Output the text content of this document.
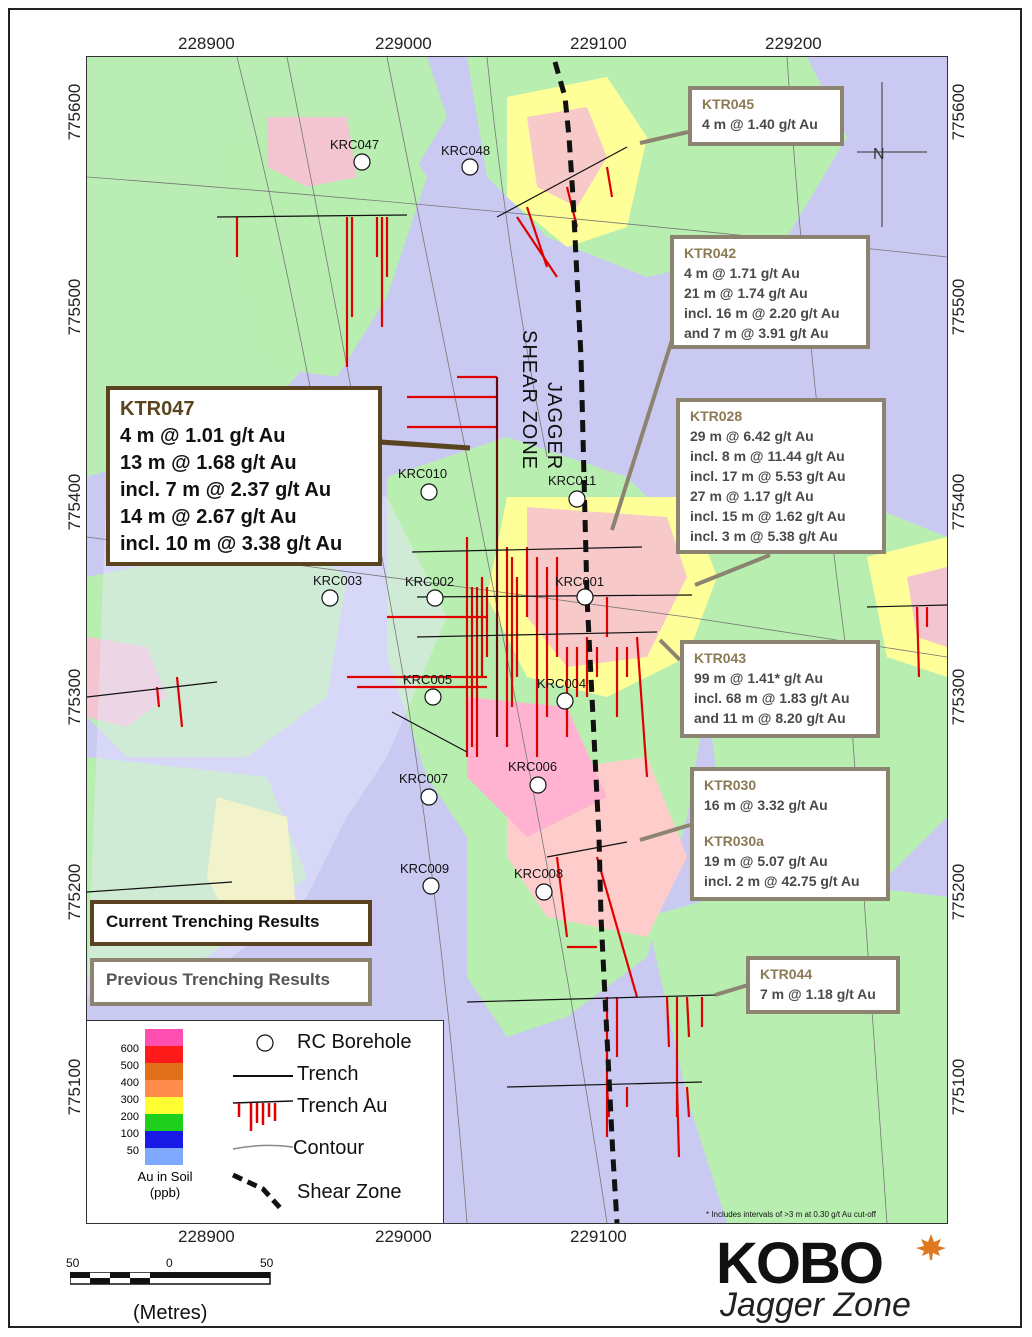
228900	229000	229100	229200
228900	229000	229100
775600
775500
775400
775300
775200
775100
775600
775500
775400
775300
775200
775100
N
JAGGER
SHEAR ZONE
KRC047	KRC048
KRC010	KRC011
KRC003	KRC002	KRC001
KRC005	KRC004
KRC007
KRC006
KRC009	KRC008
KTR045
4 m @ 1.40 g/t Au
KTR042
4 m @ 1.71 g/t Au
21 m @ 1.74 g/t Au
incl. 16 m @ 2.20 g/t Au
and 7 m @ 3.91 g/t Au
KTR047
4 m @ 1.01 g/t Au
13 m @ 1.68 g/t Au
incl. 7 m @ 2.37 g/t Au
14 m @ 2.67 g/t Au
incl. 10 m @ 3.38 g/t Au
KTR028
29 m @ 6.42 g/t Au
incl. 8 m @ 11.44 g/t Au
incl. 17 m @ 5.53 g/t Au
27 m @ 1.17 g/t Au
incl. 15 m @ 1.62 g/t Au
incl. 3 m @ 5.38 g/t Au
KTR043
99 m @ 1.41* g/t Au
incl. 68 m @ 1.83 g/t Au
and 11 m @ 8.20 g/t Au
KTR030
16 m @ 3.32 g/t Au
KTR030a
19 m @ 5.07 g/t Au
incl. 2 m @ 42.75 g/t Au
KTR044
7 m @ 1.18 g/t Au
Current Trenching Results
Previous Trenching Results
600
500
400
300
200
100
50
Au in Soil
(ppb)
RC Borehole
Trench
Trench Au
Contour
Shear Zone
* Includes intervals of >3 m at 0.30 g/t Au cut-off
50	0	50
(Metres)
KOBO
Jagger Zone
